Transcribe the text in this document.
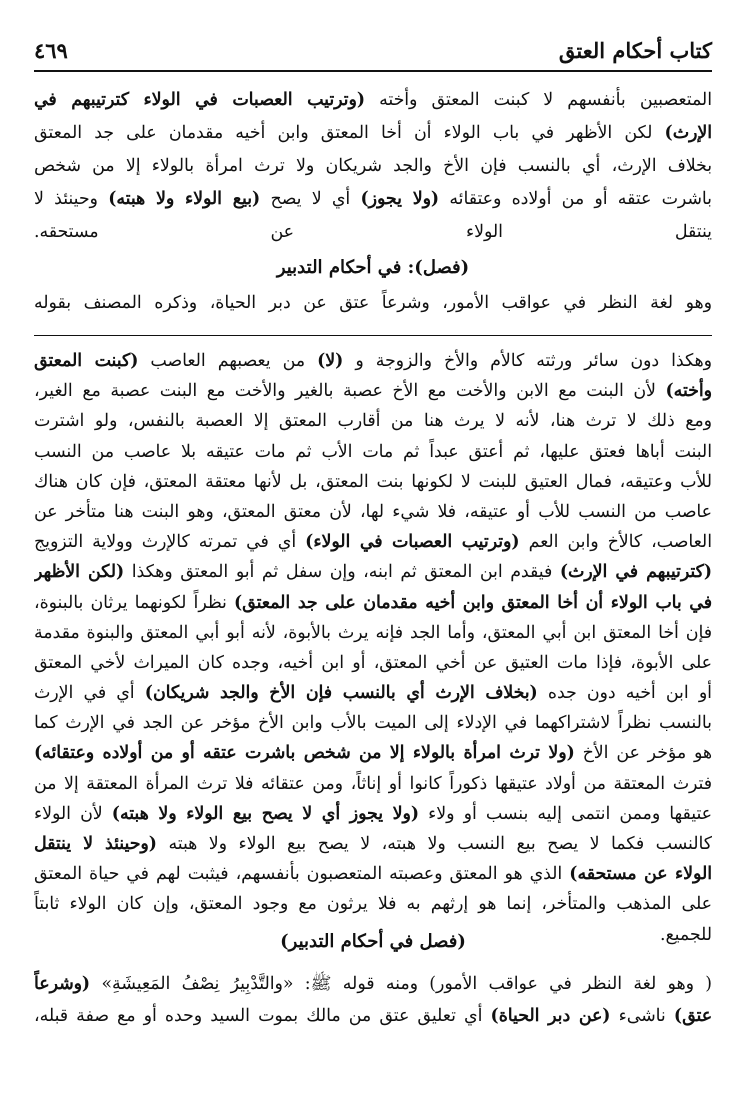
كتاب أحكام العتق
٤٦٩
المتعصبين بأنفسهم لا كبنت المعتق وأخته (وترتيب العصبات في الولاء كترتيبهم في
الإرث) لكن الأظهر في باب الولاء أن أخا المعتق وابن أخيه مقدمان على جد المعتق
بخلاف الإرث، أي بالنسب فإن الأخ والجد شريكان ولا ترث امرأة بالولاء إلا من شخص
باشرت عتقه أو من أولاده وعتقائه (ولا يجوز) أي لا يصح (بيع الولاء ولا هبته) وحينئذ لا
ينتقل الولاء عن مستحقه.
(فصل): في أحكام التدبير
وهو لغة النظر في عواقب الأمور، وشرعاً عتق عن دبر الحياة، وذكره المصنف بقوله
وهكذا دون سائر ورثته كالأم والأخ والزوجة و (لا) من يعصبهم العاصب (كبنت المعتق
وأخته) لأن البنت مع الابن والأخت مع الأخ عصبة بالغير والأخت مع البنت عصبة مع الغير،
ومع ذلك لا ترث هنا، لأنه لا يرث هنا من أقارب المعتق إلا العصبة بالنفس، ولو اشترت
البنت أباها فعتق عليها، ثم أعتق عبداً ثم مات الأب ثم مات عتيقه بلا عاصب من النسب
للأب وعتيقه، فمال العتيق للبنت لا لكونها بنت المعتق، بل لأنها معتقة المعتق، فإن كان هناك
عاصب من النسب للأب أو عتيقه، فلا شيء لها، لأن معتق المعتق، وهو البنت هنا متأخر عن
العاصب، كالأخ وابن العم (وترتيب العصبات في الولاء) أي في تمرته كالإرث وولاية التزويج
(كترتيبهم في الإرث) فيقدم ابن المعتق ثم ابنه، وإن سفل ثم أبو المعتق وهكذا (لكن الأظهر
في باب الولاء أن أخا المعتق وابن أخيه مقدمان على جد المعتق) نظراً لكونهما يرثان بالبنوة،
فإن أخا المعتق ابن أبي المعتق، وأما الجد فإنه يرث بالأبوة، لأنه أبو أبي المعتق والبنوة مقدمة
على الأبوة، فإذا مات العتيق عن أخي المعتق، أو ابن أخيه، وجده كان الميراث لأخي المعتق
أو ابن أخيه دون جده (بخلاف الإرث أي بالنسب فإن الأخ والجد شريكان) أي في الإرث
بالنسب نظراً لاشتراكهما في الإدلاء إلى الميت بالأب وابن الأخ مؤخر عن الجد في الإرث كما
هو مؤخر عن الأخ (ولا ترث امرأة بالولاء إلا من شخص باشرت عتقه أو من أولاده وعتقائه)
فترث المعتقة من أولاد عتيقها ذكوراً كانوا أو إناثاً، ومن عتقائه فلا ترث المرأة المعتقة إلا من
عتيقها وممن انتمى إليه بنسب أو ولاء (ولا يجوز أي لا يصح بيع الولاء ولا هبته) لأن الولاء
كالنسب فكما لا يصح بيع النسب ولا هبته، لا يصح بيع الولاء ولا هبته (وحينئذ لا ينتقل
الولاء عن مستحقه) الذي هو المعتق وعصبته المتعصبون بأنفسهم، فيثبت لهم في حياة المعتق
على المذهب والمتأخر، إنما هو إرثهم به فلا يرثون مع وجود المعتق، وإن كان الولاء ثابتاً
للجميع.
(فصل في أحكام التدبير)
( وهو لغة النظر في عواقب الأمور) ومنه قوله ﷺ: «والتَّدْبِيرُ نِصْفُ المَعِيشَةِ» (وشرعاً
عتق) ناشىء (عن دبر الحياة) أي تعليق عتق من مالك بموت السيد وحده أو مع صفة قبله،
